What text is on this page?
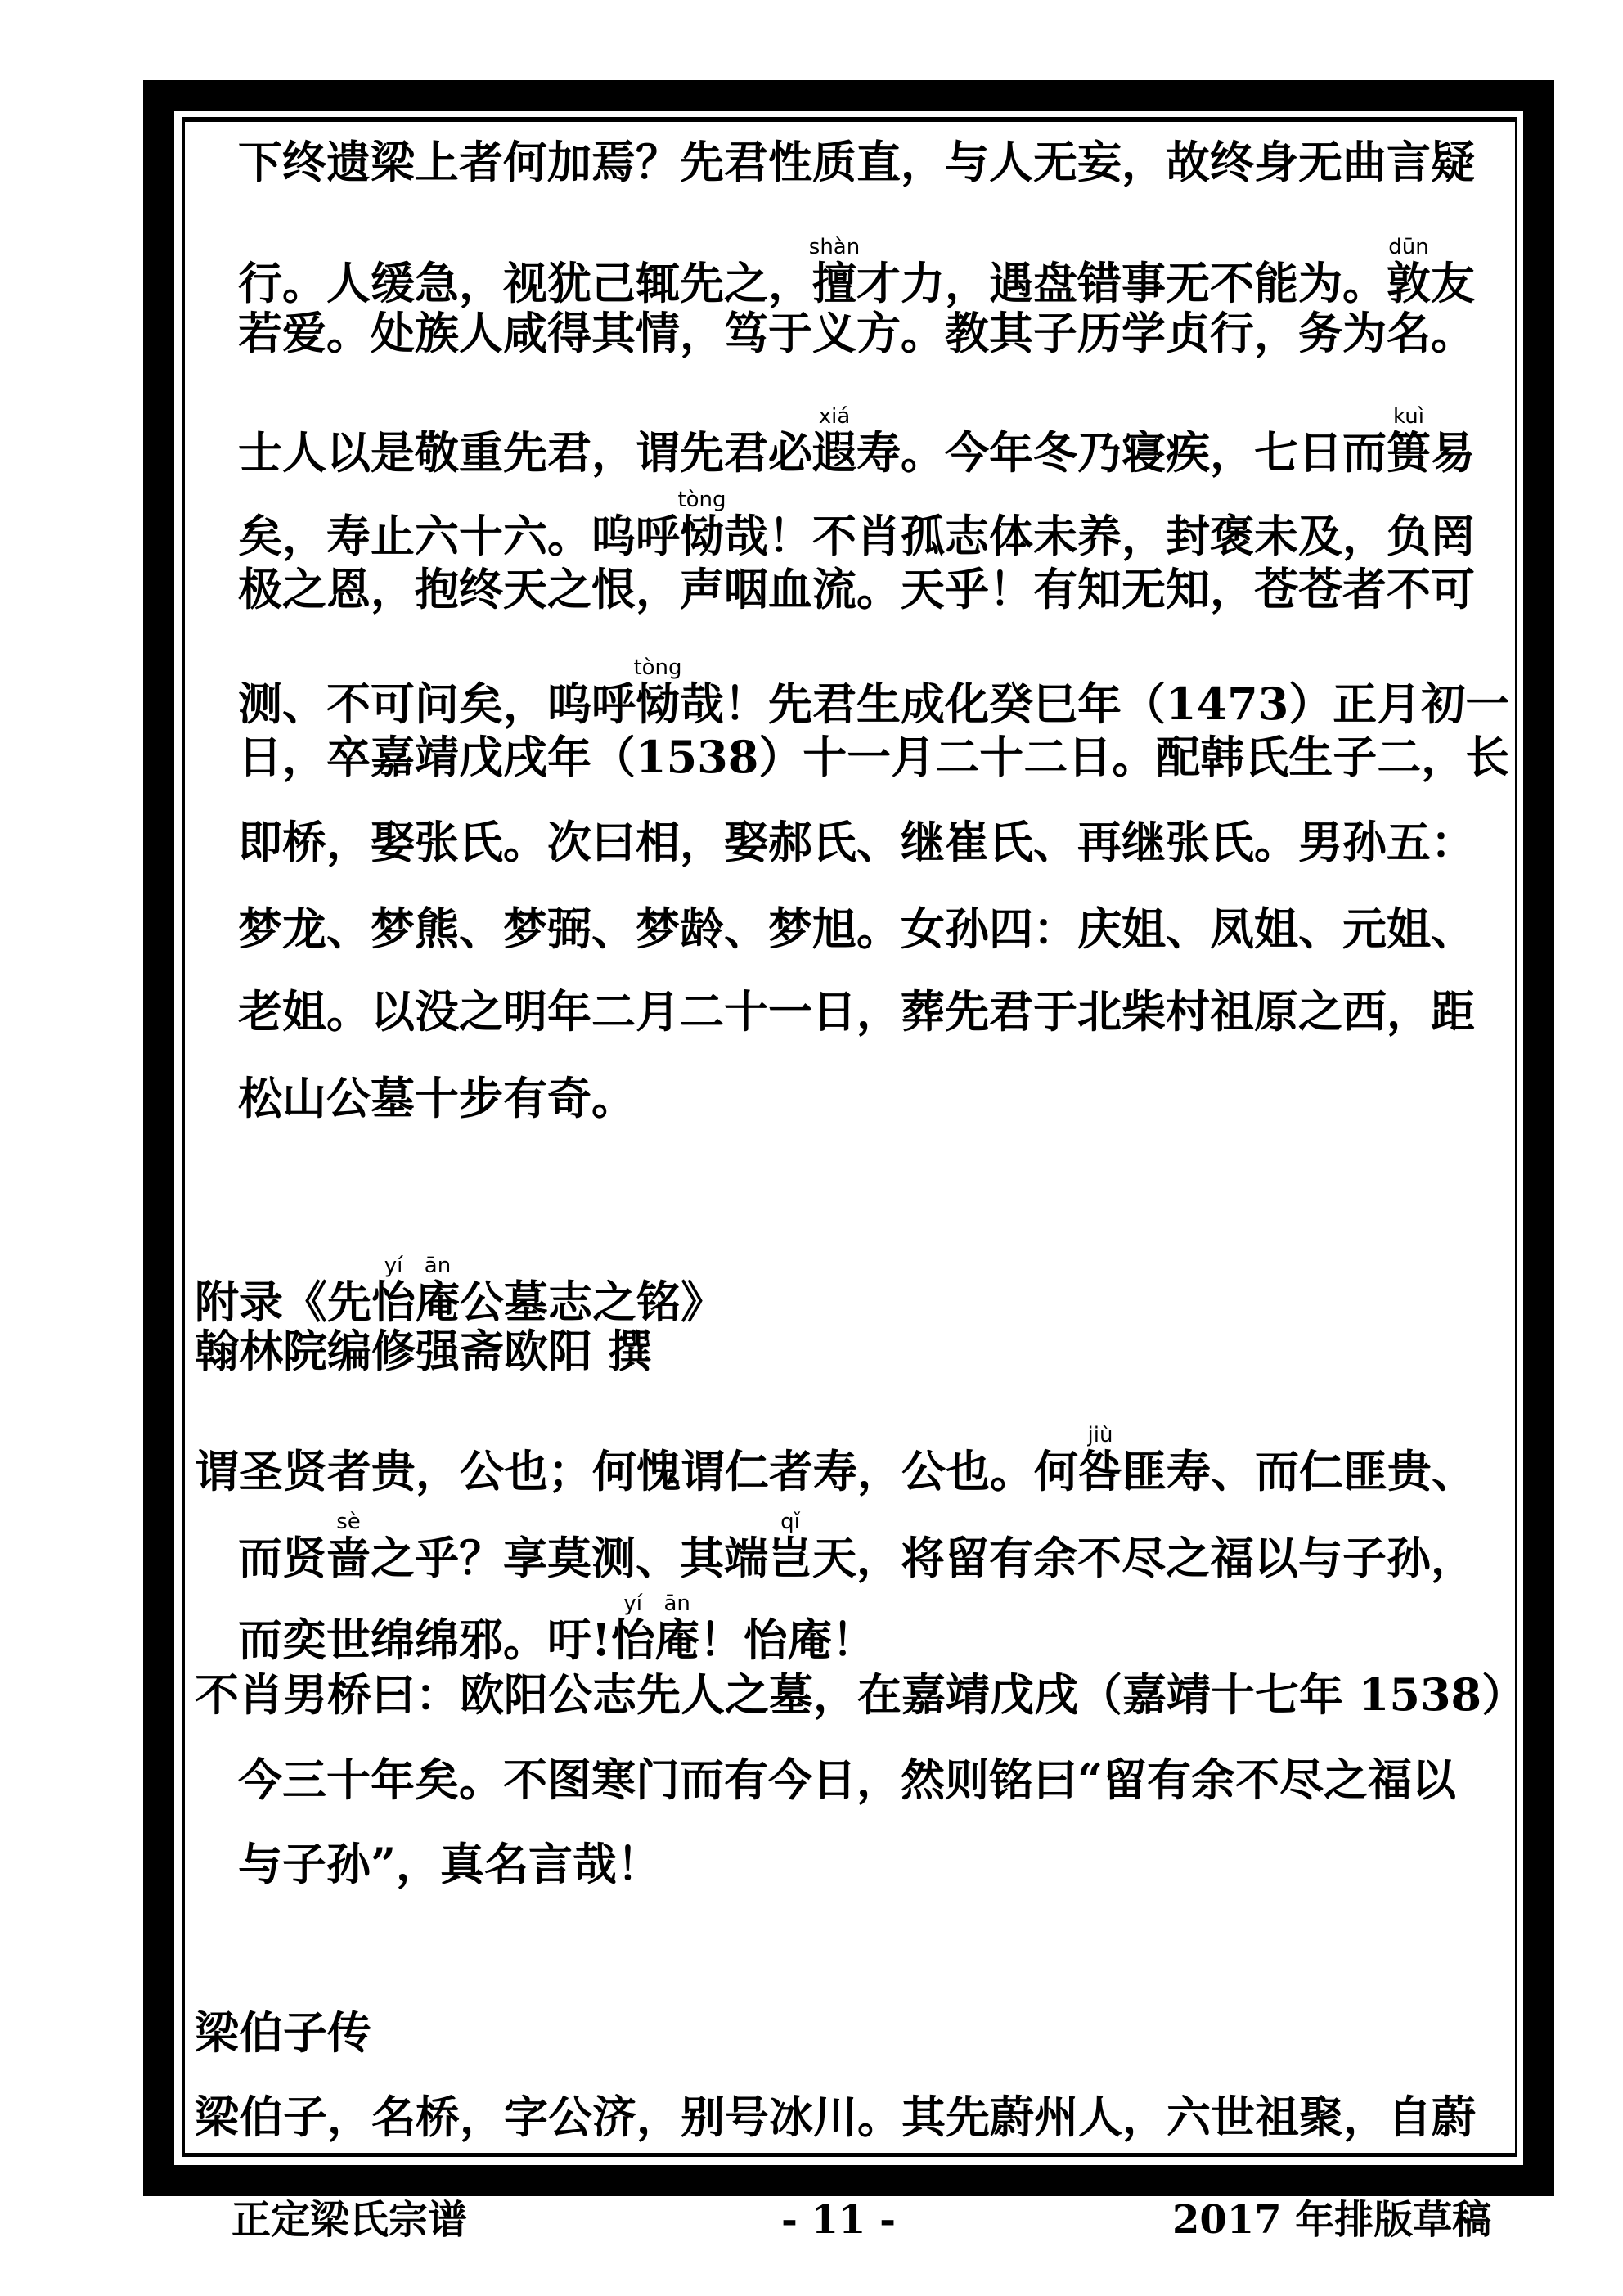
下终遗梁上者何加焉？先君性质直，与人无妄，故终身无曲言疑
行。人缓急，视犹己辄先之，擅shàn才力，遇盘错事无不能为。敦dūn友
若爱。处族人咸得其情，笃于义方。教其子历学贞行，务为名。
士人以是敬重先君，谓先君必遐xiá寿。今年冬乃寝疾，七日而篑kuì易
矣，寿止六十六。呜呼恸tòng哉！不肖孤志体未养，封褒未及，负罔
极之恩，抱终天之恨，声咽血流。天乎！有知无知，苍苍者不可
测、不可问矣，呜呼恸tòng哉！先君生成化癸巳年（1473）正月初一
日，卒嘉靖戊戌年（1538）十一月二十二日。配韩氏生子二，长
即桥，娶张氏。次曰相，娶郝氏、继崔氏、再继张氏。男孙五：
梦龙、梦熊、梦弼、梦龄、梦旭。女孙四：庆姐、凤姐、元姐、
老姐。以没之明年二月二十一日，葬先君于北柴村祖原之西，距
松山公墓十步有奇。
附录《先怡yí庵ān公墓志之铭》
翰林院编修强斋欧阳 撰
谓圣贤者贵，公也；何愧谓仁者寿，公也。何咎jiù匪寿、而仁匪贵、
而贤啬sè之乎？享莫测、其端岂qǐ天，将留有余不尽之福以与子孙，
而奕世绵绵邪。吁!怡yí庵ān！怡庵！
不肖男桥曰：欧阳公志先人之墓，在嘉靖戊戌（嘉靖十七年 1538）
今三十年矣。不图寒门而有今日，然则铭曰“留有余不尽之福以
与子孙”，真名言哉！
梁伯子传
梁伯子，名桥，字公济，别号冰川。其先蔚州人，六世祖聚，自蔚
正定梁氏宗谱	- 11 -	2017 年排版草稿
